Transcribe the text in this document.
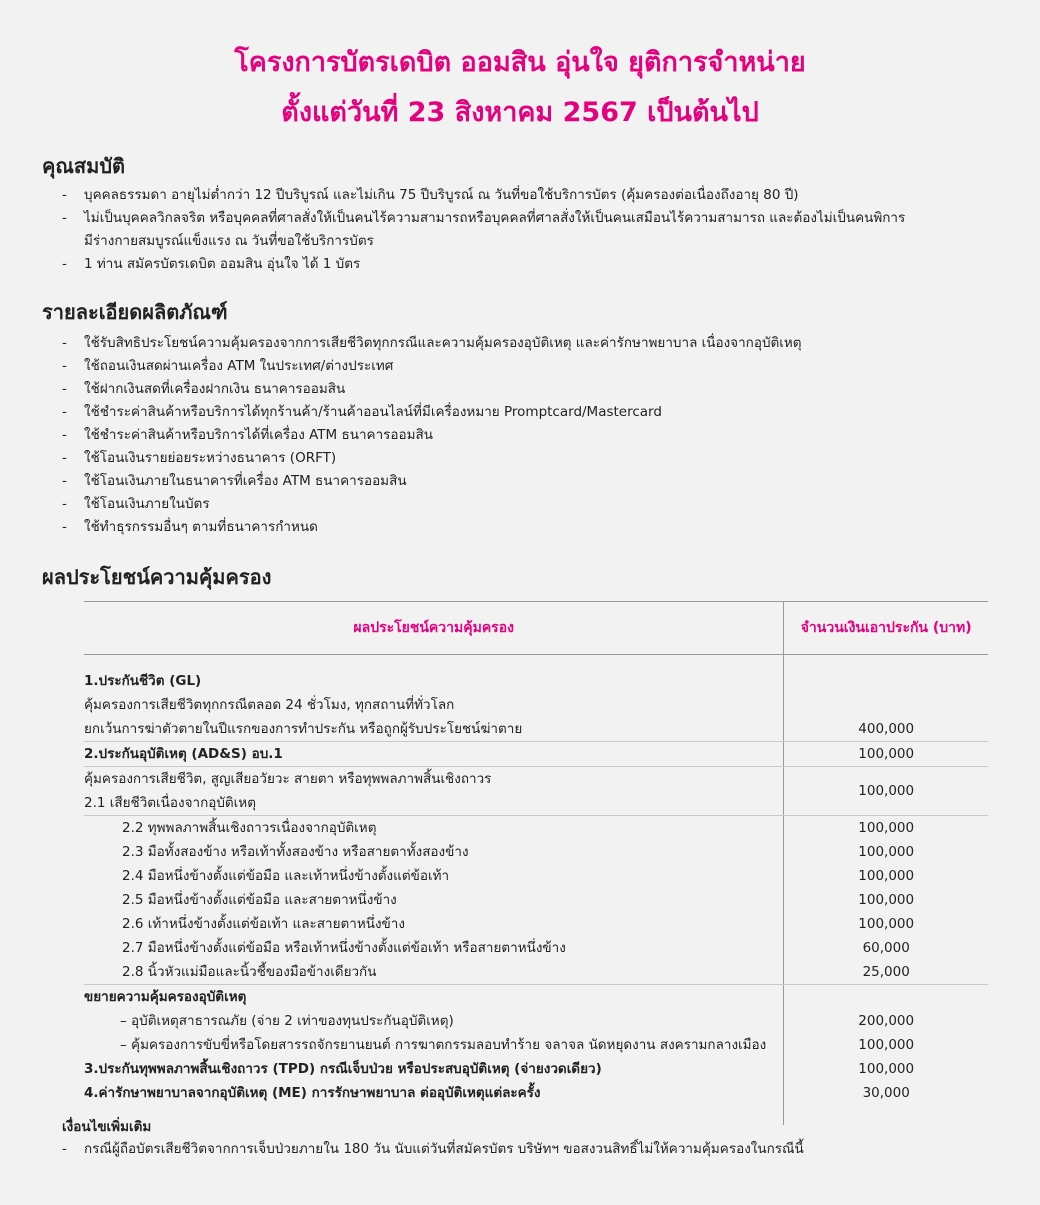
โครงการบัตรเดบิต ออมสิน อุ่นใจ ยุติการจำหน่าย
ตั้งแต่วันที่ 23 สิงหาคม 2567 เป็นต้นไป
คุณสมบัติ
- บุคคลธรรมดา อายุไม่ต่ำกว่า 12 ปีบริบูรณ์ และไม่เกิน 75 ปีบริบูรณ์ ณ วันที่ขอใช้บริการบัตร (คุ้มครองต่อเนื่องถึงอายุ 80 ปี)
- ไม่เป็นบุคคลวิกลจริต หรือบุคคลที่ศาลสั่งให้เป็นคนไร้ความสามารถหรือบุคคลที่ศาลสั่งให้เป็นคนเสมือนไร้ความสามารถ และต้องไม่เป็นคนพิการ
มีร่างกายสมบูรณ์แข็งแรง ณ วันที่ขอใช้บริการบัตร
- 1 ท่าน สมัครบัตรเดบิต ออมสิน อุ่นใจ ได้ 1 บัตร
รายละเอียดผลิตภัณฑ์
- ใช้รับสิทธิประโยชน์ความคุ้มครองจากการเสียชีวิตทุกกรณีและความคุ้มครองอุบัติเหตุ และค่ารักษาพยาบาล เนื่องจากอุบัติเหตุ
- ใช้ถอนเงินสดผ่านเครื่อง ATM ในประเทศ/ต่างประเทศ
- ใช้ฝากเงินสดที่เครื่องฝากเงิน ธนาคารออมสิน
- ใช้ชำระค่าสินค้าหรือบริการได้ทุกร้านค้า/ร้านค้าออนไลน์ที่มีเครื่องหมาย Promptcard/Mastercard
- ใช้ชำระค่าสินค้าหรือบริการได้ที่เครื่อง ATM ธนาคารออมสิน
- ใช้โอนเงินรายย่อยระหว่างธนาคาร (ORFT)
- ใช้โอนเงินภายในธนาคารที่เครื่อง ATM ธนาคารออมสิน
- ใช้โอนเงินภายในบัตร
- ใช้ทำธุรกรรมอื่นๆ ตามที่ธนาคารกำหนด
ผลประโยชน์ความคุ้มครอง
ผลประโยชน์ความคุ้มครอง	จำนวนเงินเอาประกัน (บาท)

1.ประกันชีวิต (GL)
คุ้มครองการเสียชีวิตทุกกรณีตลอด 24 ชั่วโมง, ทุกสถานที่ทั่วโลก
ยกเว้นการฆ่าตัวตายในปีแรกของการทำประกัน หรือถูกผู้รับประโยชน์ฆ่าตาย	400,000
2.ประกันอุบัติเหตุ (AD&S) อบ.1	100,000

คุ้มครองการเสียชีวิต, สูญเสียอวัยวะ สายตา หรือทุพพลภาพสิ้นเชิงถาวร
2.1 เสียชีวิตเนื่องจากอุบัติเหตุ	100,000
2.2 ทุพพลภาพสิ้นเชิงถาวรเนื่องจากอุบัติเหตุ	100,000
2.3 มือทั้งสองข้าง หรือเท้าทั้งสองข้าง หรือสายตาทั้งสองข้าง	100,000
2.4 มือหนึ่งข้างตั้งแต่ข้อมือ และเท้าหนึ่งข้างตั้งแต่ข้อเท้า	100,000
2.5 มือหนึ่งข้างตั้งแต่ข้อมือ และสายตาหนึ่งข้าง	100,000
2.6 เท้าหนึ่งข้างตั้งแต่ข้อเท้า และสายตาหนึ่งข้าง	100,000
2.7 มือหนึ่งข้างตั้งแต่ข้อมือ หรือเท้าหนึ่งข้างตั้งแต่ข้อเท้า หรือสายตาหนึ่งข้าง	60,000
2.8 นิ้วหัวแม่มือและนิ้วชี้ของมือข้างเดียวกัน	25,000
ขยายความคุ้มครองอุบัติเหตุ	
– อุบัติเหตุสาธารณภัย (จ่าย 2 เท่าของทุนประกันอุบัติเหตุ)	200,000
– คุ้มครองการขับขี่หรือโดยสารรถจักรยานยนต์ การฆาตกรรมลอบทำร้าย จลาจล นัดหยุดงาน สงครามกลางเมือง	100,000
3.ประกันทุพพลภาพสิ้นเชิงถาวร (TPD) กรณีเจ็บป่วย หรือประสบอุบัติเหตุ (จ่ายงวดเดียว)	100,000
4.ค่ารักษาพยาบาลจากอุบัติเหตุ (ME) การรักษาพยาบาล ต่ออุบัติเหตุแต่ละครั้ง	30,000
เงื่อนไขเพิ่มเติม
- กรณีผู้ถือบัตรเสียชีวิตจากการเจ็บป่วยภายใน 180 วัน นับแต่วันที่สมัครบัตร บริษัทฯ ขอสงวนสิทธิ์ไม่ให้ความคุ้มครองในกรณีนี้
